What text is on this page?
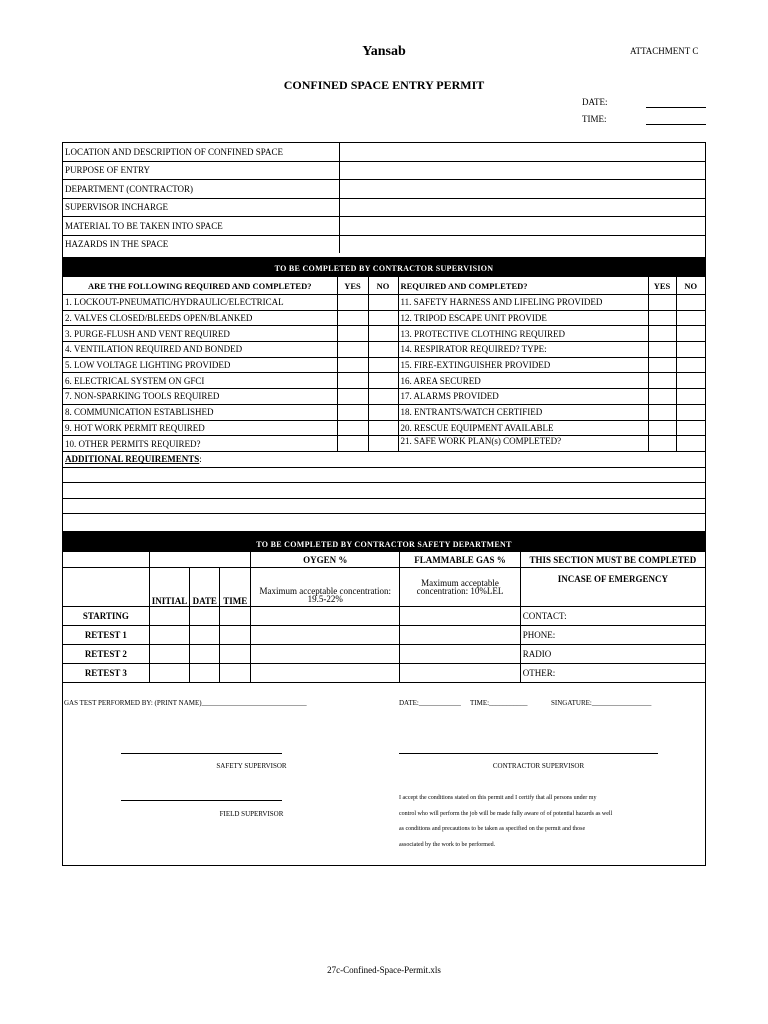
Yansab	ATTACHMENT C
CONFINED SPACE ENTRY PERMIT
DATE:
TIME:
LOCATION AND DESCRIPTION OF CONFINED SPACE	
PURPOSE OF ENTRY	
DEPARTMENT (CONTRACTOR)	
SUPERVISOR INCHARGE	
MATERIAL TO BE TAKEN INTO SPACE	
HAZARDS IN THE SPACE	
TO BE COMPLETED BY CONTRACTOR SUPERVISION
ARE THE FOLLOWING REQUIRED AND COMPLETED?	YES	NO	REQUIRED AND COMPLETED?	YES	NO
1. LOCKOUT-PNEUMATIC/HYDRAULIC/ELECTRICAL			11. SAFETY HARNESS AND LIFELING PROVIDED		
2. VALVES CLOSED/BLEEDS OPEN/BLANKED			12. TRIPOD ESCAPE UNIT PROVIDE		
3. PURGE-FLUSH AND VENT REQUIRED			13. PROTECTIVE CLOTHING REQUIRED		
4. VENTILATION REQUIRED AND BONDED			14. RESPIRATOR REQUIRED? TYPE:		
5. LOW VOLTAGE LIGHTING PROVIDED			15. FIRE-EXTINGUISHER PROVIDED		
6. ELECTRICAL SYSTEM ON GFCI			16. AREA SECURED		
7. NON-SPARKING TOOLS REQUIRED			17. ALARMS PROVIDED		
8. COMMUNICATION ESTABLISHED			18. ENTRANTS/WATCH CERTIFIED		
9. HOT WORK PERMIT REQUIRED			20. RESCUE EQUIPMENT AVAILABLE		
10. OTHER PERMITS REQUIRED?			21. SAFE WORK PLAN(s) COMPLETED?		
ADDITIONAL REQUIREMENTS:

TO BE COMPLETED BY CONTRACTOR SAFETY DEPARTMENT
				OYGEN %	FLAMMABLE GAS %	THIS SECTION MUST BE COMPLETED
	INITIAL	DATE	TIME	Maximum acceptable concentration: 19.5-22%	Maximum acceptable concentration: 10%LEL	INCASE OF EMERGENCY
STARTING						CONTACT:
RETEST 1						PHONE:
RETEST 2						RADIO
RETEST 3						OTHER:
GAS TEST PERFORMED BY: (PRINT NAME)______________________________	DATE:____________ TIME:___________	SINGATURE:_________________
SAFETY SUPERVISOR	CONTRACTOR SUPERVISOR
FIELD SUPERVISOR
I accept the conditions stated on this permit and I certify that all persons under my
control who will perform the job will be made fully aware of of potential hazards as well
as conditions and precautions to be taken as specified on the permit and those
associated by the work to be performed.
27c-Confined-Space-Permit.xls
